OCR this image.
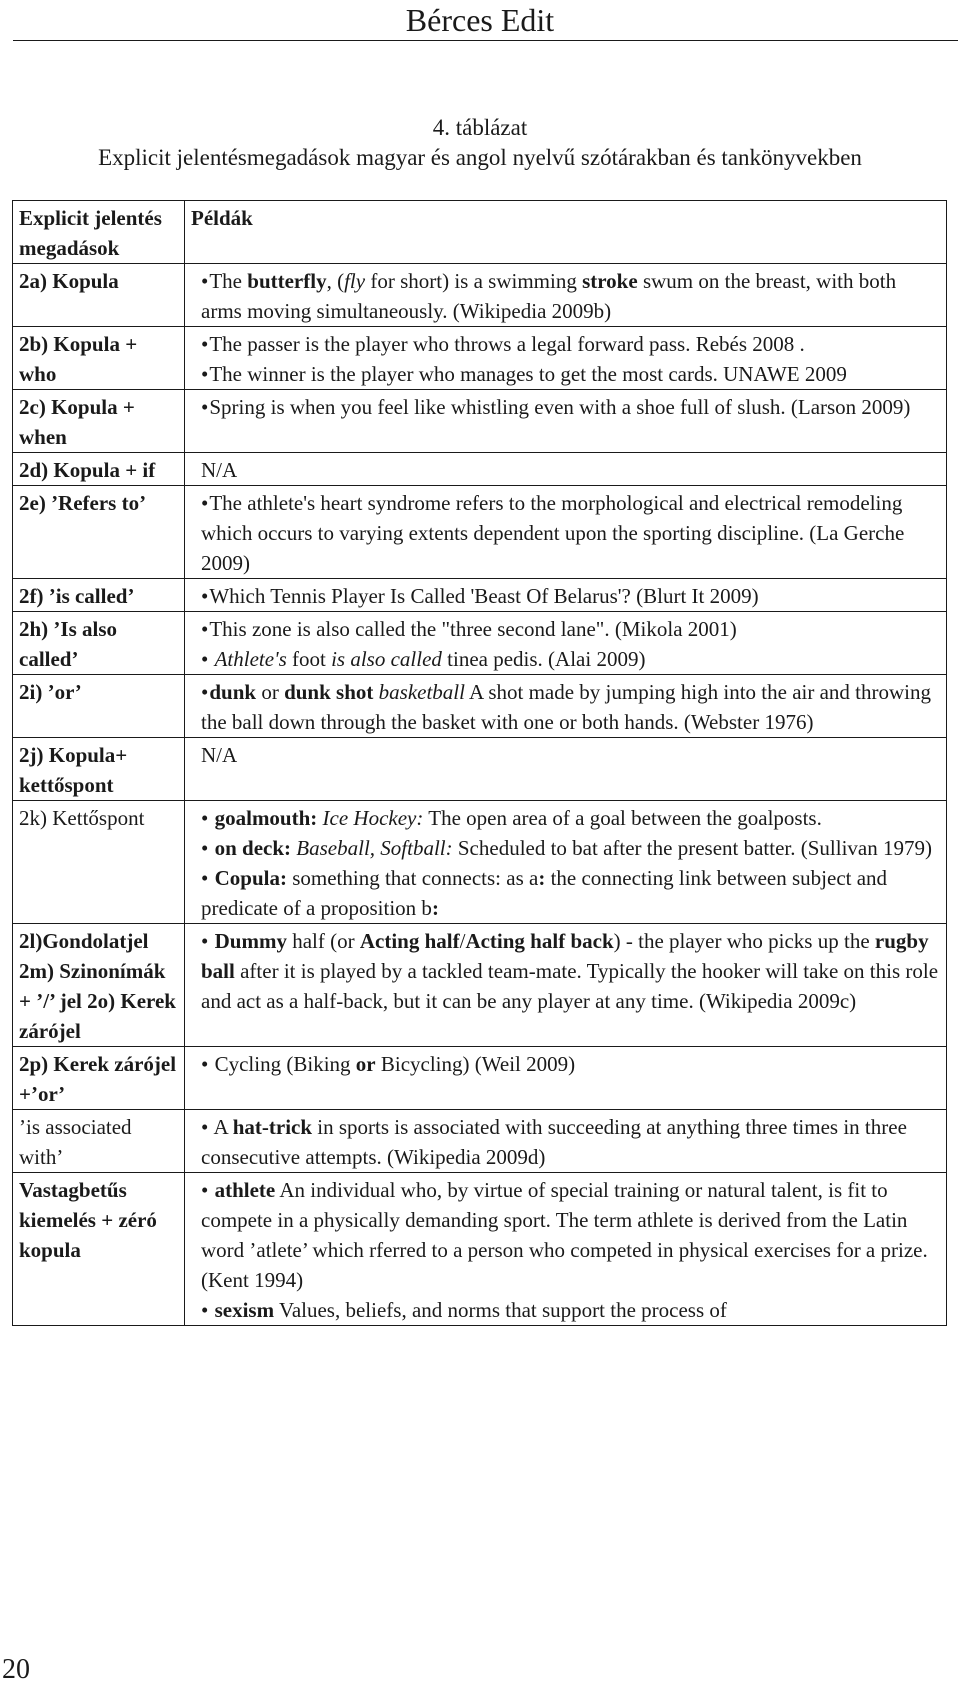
Bérces Edit
4. táblázat
Explicit jelentésmegadások magyar és angol nyelvű szótárakban és tankönyvekben
Explicit jelentés megadások	Példák

2a) Kopula	•The butterfly, (fly for short) is a swimming stroke swum on the breast, with both arms moving simultaneously. (Wikipedia 2009b)

2b) Kopula + who	•The passer is the player who throws a legal forward pass. Rebés 2008 .
•The winner is the player who manages to get the most cards. UNAWE 2009

2c) Kopula + when	•Spring is when you feel like whistling even with a shoe full of slush. (Larson 2009)

2d) Kopula + if	N/A

2e) ’Refers to’	•The athlete's heart syndrome refers to the morphological and electrical remodeling which occurs to varying extents dependent upon the sporting discipline. (La Gerche 2009)

2f) ’is called’	•Which Tennis Player Is Called 'Beast Of Belarus'? (Blurt It 2009)

2h) ’Is also called’	•This zone is also called the "three second lane". (Mikola 2001)
• Athlete's foot is also called tinea pedis. (Alai 2009)

2i) ’or’	•dunk or dunk shot basketball A shot made by jumping high into the air and throwing the ball down through the basket with one or both hands. (Webster 1976)

2j) Kopula+ kettőspont	N/A

2k) Kettőspont	• goalmouth: Ice Hockey: The open area of a goal between the goalposts.
• on deck: Baseball, Softball: Scheduled to bat after the present batter. (Sullivan 1979)
• Copula: something that connects: as a: the connecting link between subject and predicate of a proposition b:

2l)Gondolatjel 2m) Szinonímák + ’/’ jel 2o) Kerek zárójel	• Dummy half (or Acting half/Acting half back) - the player who picks up the rugby ball after it is played by a tackled team-mate. Typically the hooker will take on this role and act as a half-back, but it can be any player at any time. (Wikipedia 2009c)

2p) Kerek zárójel +’or’	• Cycling (Biking or Bicycling) (Weil 2009)

’is associated with’	• A hat-trick in sports is associated with succeeding at anything three times in three consecutive attempts. (Wikipedia 2009d)

Vastagbetűs kiemelés + zéró kopula	• athlete An individual who, by virtue of special training or natural talent, is fit to compete in a physically demanding sport. The term athlete is derived from the Latin word ’atlete’ which rferred to a person who competed in physical exercises for a prize. (Kent 1994)
• sexism Values, beliefs, and norms that support the process of
20
